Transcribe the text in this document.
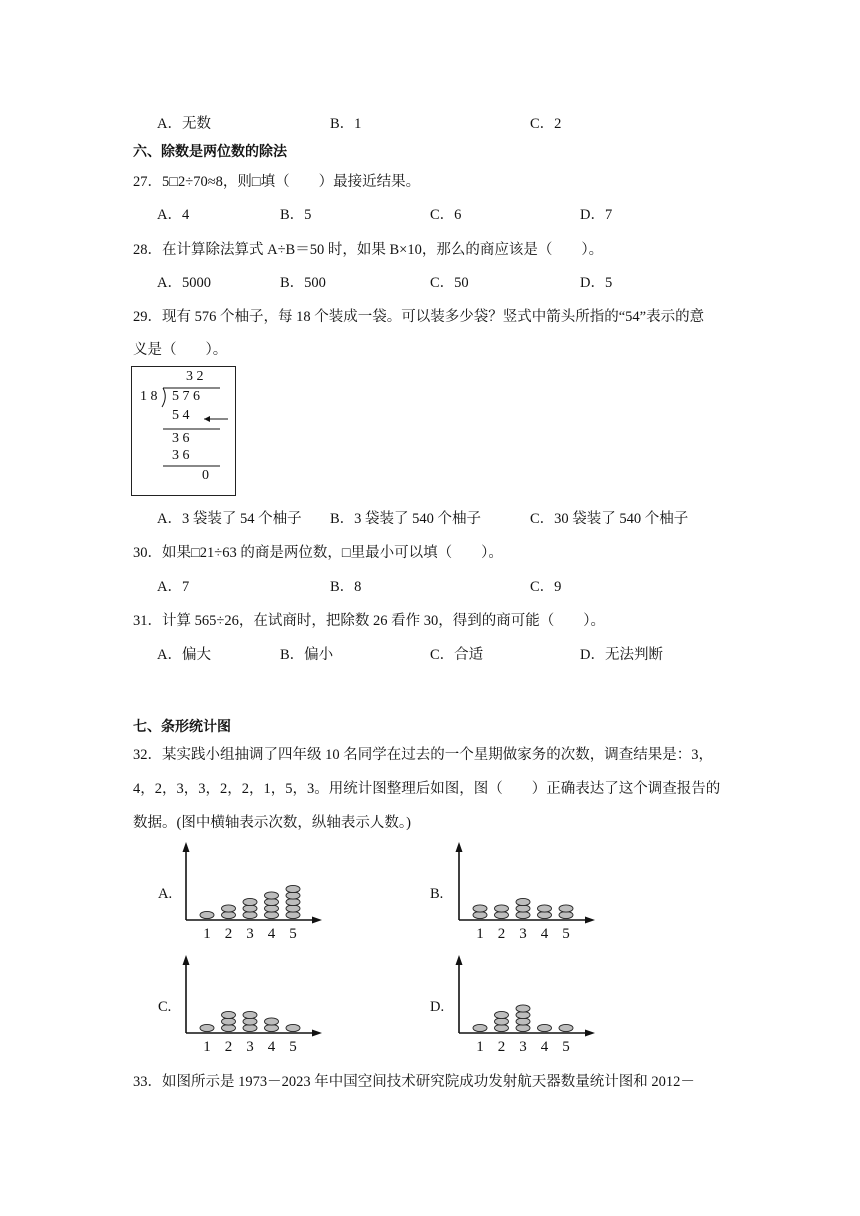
A．无数	B．1	C．2
六、除数是两位数的除法
27．5□2÷70≈8，则□填（　　）最接近结果。
A．4	B．5	C．6	D．7
28．在计算除法算式 A÷B＝50 时，如果 B×10，那么的商应该是（　　）。
A．5000	B．500	C．50	D．5
29．现有 576 个柚子，每 18 个装成一袋。可以装多少袋？竖式中箭头所指的“54”表示的意
义是（　　）。
3 2
1 8 5 7 6
5 4
3 6
3 6
0
A．3 袋装了 54 个柚子 B．3 袋装了 540 个柚子	C．30 袋装了 540 个柚子
30．如果□21÷63 的商是两位数，□里最小可以填（　　）。
A．7	B．8	C．9
31．计算 565÷26，在试商时，把除数 26 看作 30，得到的商可能（　　）。
A．偏大	B．偏小	C．合适	D．无法判断
七、条形统计图
32．某实践小组抽调了四年级 10 名同学在过去的一个星期做家务的次数，调查结果是：3，
4，2，3，3，2，2，1，5，3。用统计图整理后如图，图（　　）正确表达了这个调查报告的
数据。(图中横轴表示次数，纵轴表示人数。)
A.
1 2 3 4 5
B.
1 2 3 4 5
C.
1 2 3 4 5
D.
1 2 3 4 5
33．如图所示是 1973－2023 年中国空间技术研究院成功发射航天器数量统计图和 2012－
